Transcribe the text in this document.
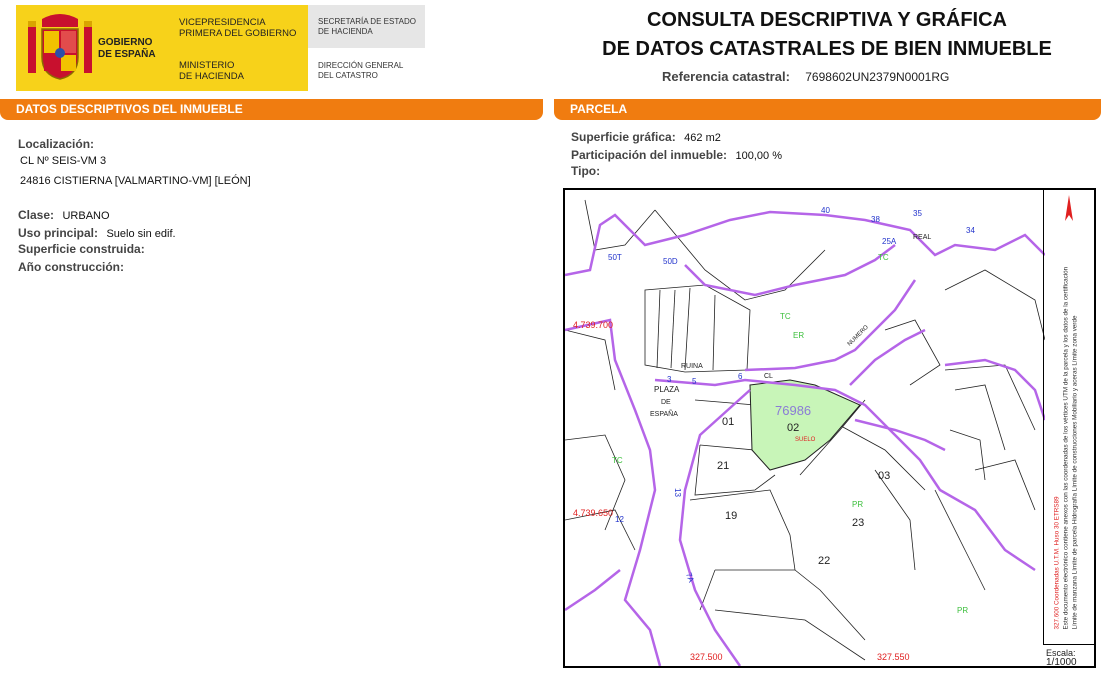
GOBIERNO
DE ESPAÑA
VICEPRESIDENCIA
PRIMERA DEL GOBIERNO
MINISTERIO
DE HACIENDA
SECRETARÍA DE ESTADO
DE HACIENDA
DIRECCIÓN GENERAL
DEL CATASTRO
CONSULTA DESCRIPTIVA Y GRÁFICA
DE DATOS CATASTRALES DE BIEN INMUEBLE
Referencia catastral: 7698602UN2379N0001RG
DATOS DESCRIPTIVOS DEL INMUEBLE	PARCELA
Localización:
CL Nº SEIS-VM 3
24816 CISTIERNA [VALMARTINO-VM] [LEÓN]
Clase: URBANO
Uso principal: Suelo sin edif.
Superficie construida:
Año construcción:
Superficie gráfica: 462 m2
Participación del inmueble: 100,00 %
Tipo:
4.739.700
4.739.650
327.500	327.550
76986
02
SUELO
01
03
19
21
22
23
PLAZA
DE
ESPAÑA
RUINA
REAL
CL
NUMERO
TC
TC
TC
ER
PR
PR
50T	50D
40
38
35
34
25A
3	5
6
13
12
7A	327.600 Coordenadas U.T.M. Huso 30 ETRS89 Este documento electrónico contiene anexos con las coordenadas de los vértices UTM de la parcela y los datos de la certificación Límite de manzana Límite de parcela Hidrografía Límite de construcciones Mobiliario y aceras Límite zona verde
Escala:
1/1000
